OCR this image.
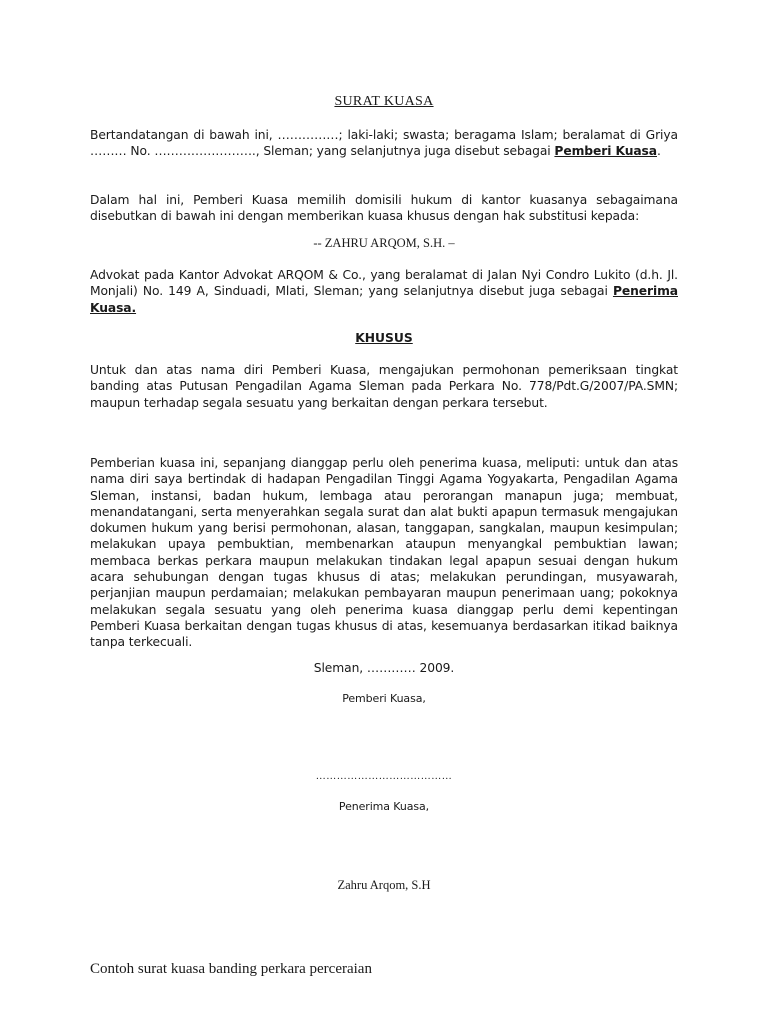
SURAT KUASA
Bertandatangan di bawah ini, ……………; laki-laki; swasta; beragama Islam; beralamat di Griya ……… No. ……………………., Sleman; yang selanjutnya juga disebut sebagai Pemberi Kuasa.
Dalam hal ini, Pemberi Kuasa memilih domisili hukum di kantor kuasanya sebagaimana disebutkan di bawah ini dengan memberikan kuasa khusus dengan hak substitusi kepada:
-- ZAHRU ARQOM, S.H. –
Advokat pada Kantor Advokat ARQOM & Co., yang beralamat di Jalan Nyi Condro Lukito (d.h. Jl. Monjali) No. 149 A, Sinduadi, Mlati, Sleman; yang selanjutnya disebut juga sebagai Penerima Kuasa.
KHUSUS
Untuk dan atas nama diri Pemberi Kuasa, mengajukan permohonan pemeriksaan tingkat banding atas Putusan Pengadilan Agama Sleman pada Perkara No. 778/Pdt.G/2007/PA.SMN; maupun terhadap segala sesuatu yang berkaitan dengan perkara tersebut.
Pemberian kuasa ini, sepanjang dianggap perlu oleh penerima kuasa, meliputi: untuk dan atas nama diri saya bertindak di hadapan Pengadilan Tinggi Agama Yogyakarta, Pengadilan Agama Sleman, instansi, badan hukum, lembaga atau perorangan manapun juga; membuat, menandatangani, serta menyerahkan segala surat dan alat bukti apapun termasuk mengajukan dokumen hukum yang berisi permohonan, alasan, tanggapan, sangkalan, maupun kesimpulan; melakukan upaya pembuktian, membenarkan ataupun menyangkal pembuktian lawan; membaca berkas perkara maupun melakukan tindakan legal apapun sesuai dengan hukum acara sehubungan dengan tugas khusus di atas; melakukan perundingan, musyawarah, perjanjian maupun perdamaian; melakukan pembayaran maupun penerimaan uang; pokoknya melakukan segala sesuatu yang oleh penerima kuasa dianggap perlu demi kepentingan Pemberi Kuasa berkaitan dengan tugas khusus di atas, kesemuanya berdasarkan itikad baiknya tanpa terkecuali.
Sleman, ………… 2009.
Pemberi Kuasa,
…………………………………
Penerima Kuasa,
Zahru Arqom, S.H
Contoh surat kuasa banding perkara perceraian
